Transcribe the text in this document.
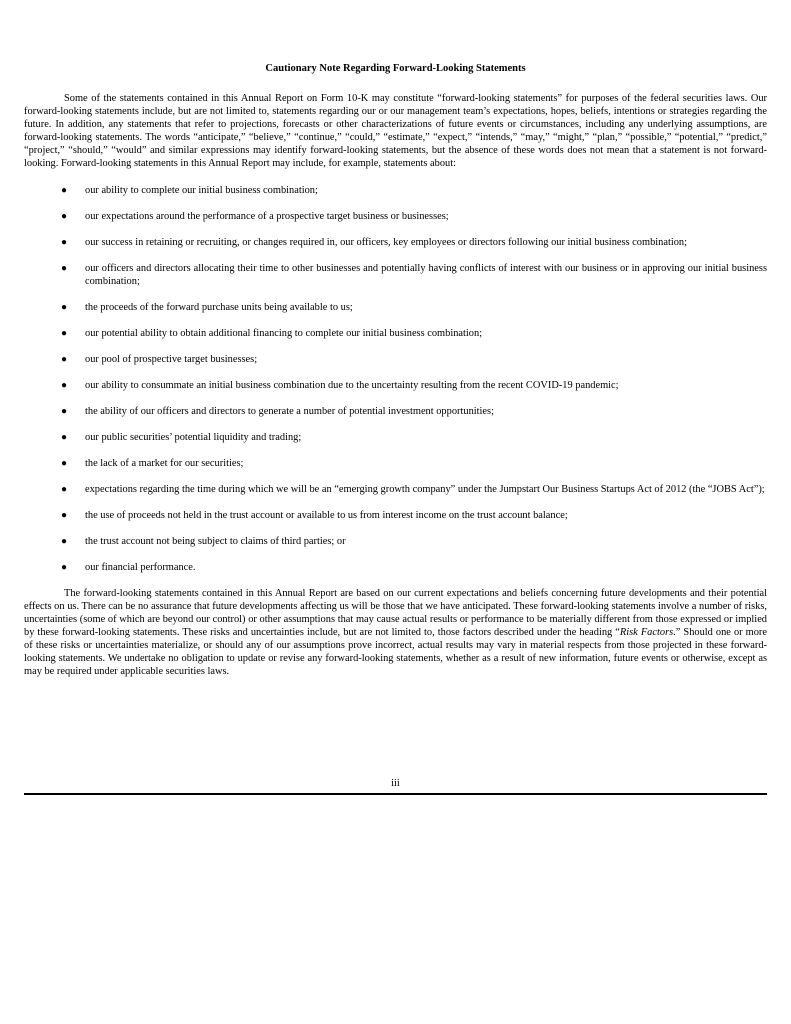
Cautionary Note Regarding Forward-Looking Statements

Some of the statements contained in this Annual Report on Form 10-K may constitute “forward-looking statements” for purposes of the federal securities laws. Our forward-looking statements include, but are not limited to, statements regarding our or our management team’s expectations, hopes, beliefs, intentions or strategies regarding the future. In addition, any statements that refer to projections, forecasts or other characterizations of future events or circumstances, including any underlying assumptions, are forward-looking statements. The words “anticipate,” “believe,” “continue,” “could,” “estimate,” “expect,” “intends,” “may,” “might,” “plan,” “possible,” “potential,” “predict,” “project,” “should,” “would” and similar expressions may identify forward-looking statements, but the absence of these words does not mean that a statement is not forward-looking. Forward-looking statements in this Annual Report may include, for example, statements about:

● our ability to complete our initial business combination;
● our expectations around the performance of a prospective target business or businesses;
● our success in retaining or recruiting, or changes required in, our officers, key employees or directors following our initial business combination;
● our officers and directors allocating their time to other businesses and potentially having conflicts of interest with our business or in approving our initial business combination;
● the proceeds of the forward purchase units being available to us;
● our potential ability to obtain additional financing to complete our initial business combination;
● our pool of prospective target businesses;
● our ability to consummate an initial business combination due to the uncertainty resulting from the recent COVID-19 pandemic;
● the ability of our officers and directors to generate a number of potential investment opportunities;
● our public securities’ potential liquidity and trading;
● the lack of a market for our securities;
● expectations regarding the time during which we will be an “emerging growth company” under the Jumpstart Our Business Startups Act of 2012 (the “JOBS Act”);
● the use of proceeds not held in the trust account or available to us from interest income on the trust account balance;
● the trust account not being subject to claims of third parties; or
● our financial performance.

The forward-looking statements contained in this Annual Report are based on our current expectations and beliefs concerning future developments and their potential effects on us. There can be no assurance that future developments affecting us will be those that we have anticipated. These forward-looking statements involve a number of risks, uncertainties (some of which are beyond our control) or other assumptions that may cause actual results or performance to be materially different from those expressed or implied by these forward-looking statements. These risks and uncertainties include, but are not limited to, those factors described under the heading “Risk Factors.” Should one or more of these risks or uncertainties materialize, or should any of our assumptions prove incorrect, actual results may vary in material respects from those projected in these forward-looking statements. We undertake no obligation to update or revise any forward-looking statements, whether as a result of new information, future events or otherwise, except as may be required under applicable securities laws.

iii
